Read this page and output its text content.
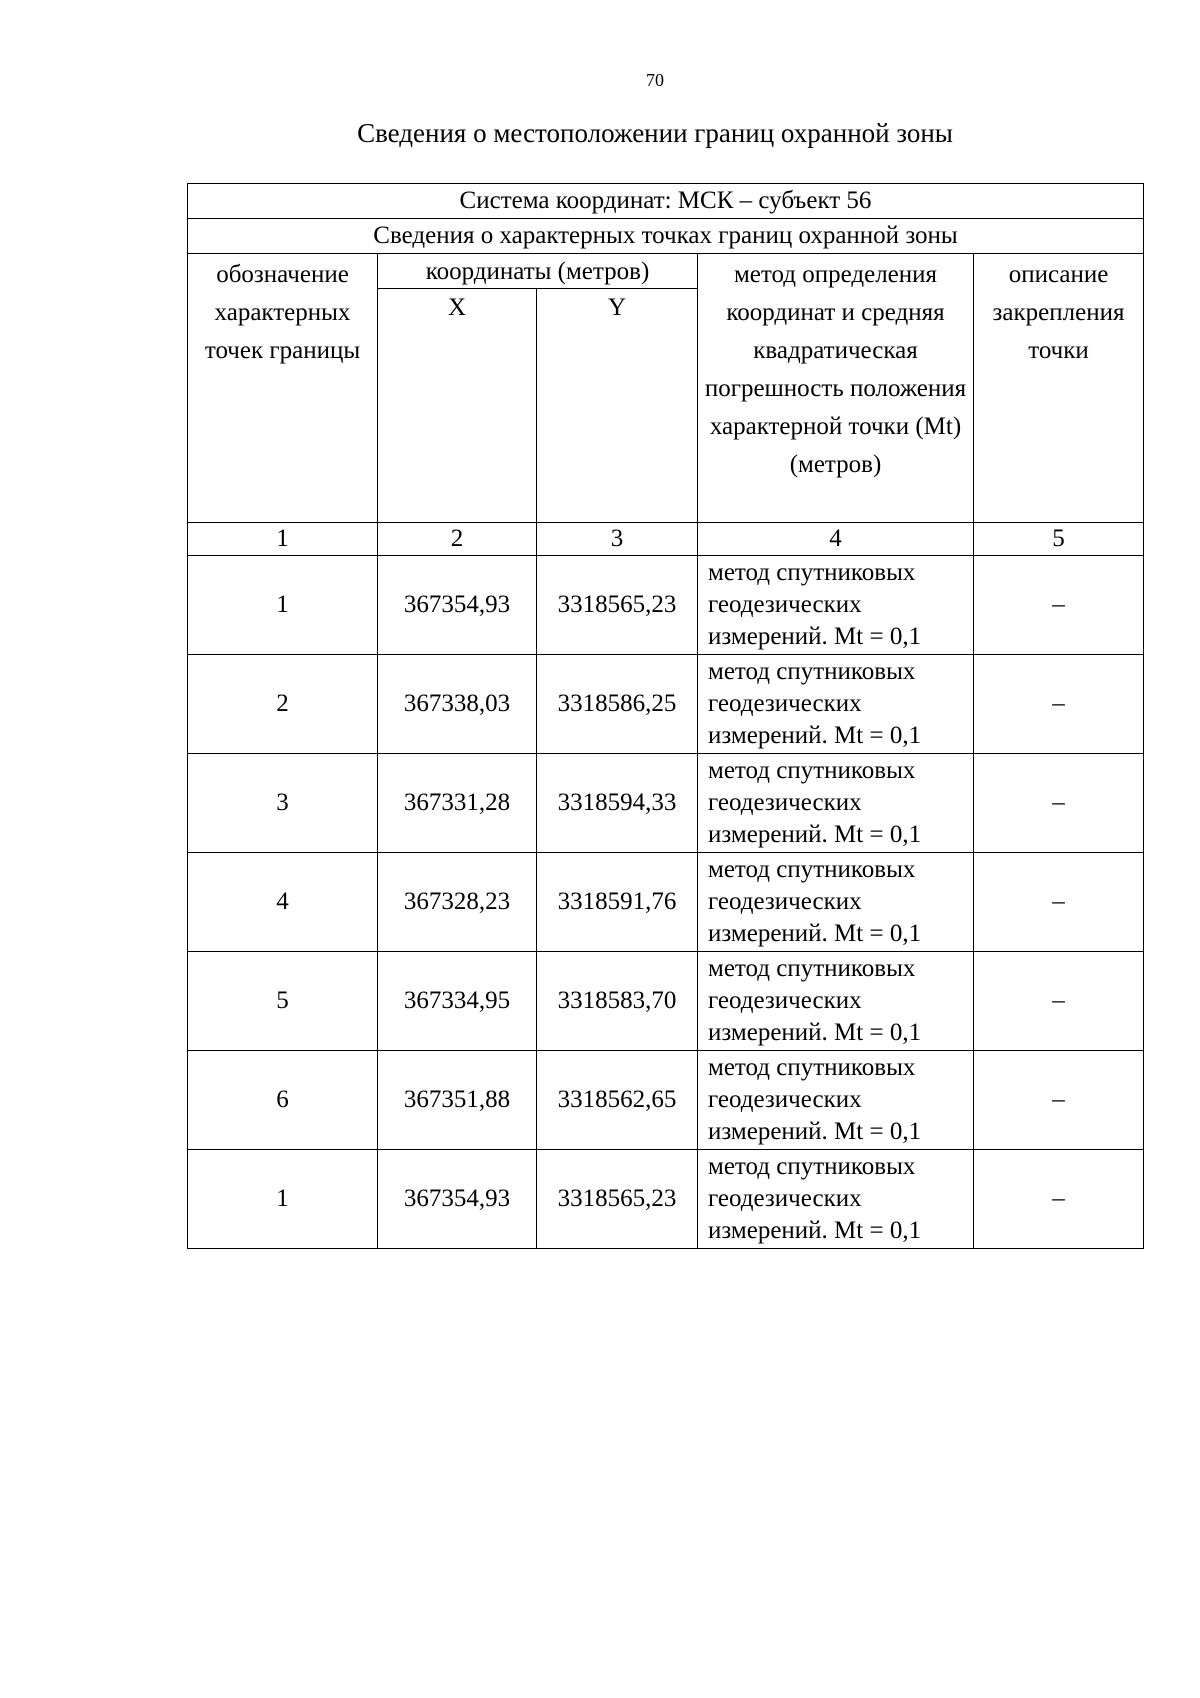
70
Сведения о местоположении границ охранной зоны
Система координат: МСК – субъект 56				
Сведения о характерных точках границ охранной зоны				
обозначение характерных точек границы	координаты (метров)		метод определения координат и средняя квадратическая погрешность положения характерной точки (Mt) (метров)	описание закрепления точки
	X	Y		
1	2	3	4	5
1	367354,93	3318565,23	метод спутниковых геодезических измерений. Mt = 0,1	–
2	367338,03	3318586,25	метод спутниковых геодезических измерений. Mt = 0,1	–
3	367331,28	3318594,33	метод спутниковых геодезических измерений. Mt = 0,1	–
4	367328,23	3318591,76	метод спутниковых геодезических измерений. Mt = 0,1	–
5	367334,95	3318583,70	метод спутниковых геодезических измерений. Mt = 0,1	–
6	367351,88	3318562,65	метод спутниковых геодезических измерений. Mt = 0,1	–
1	367354,93	3318565,23	метод спутниковых геодезических измерений. Mt = 0,1	–
